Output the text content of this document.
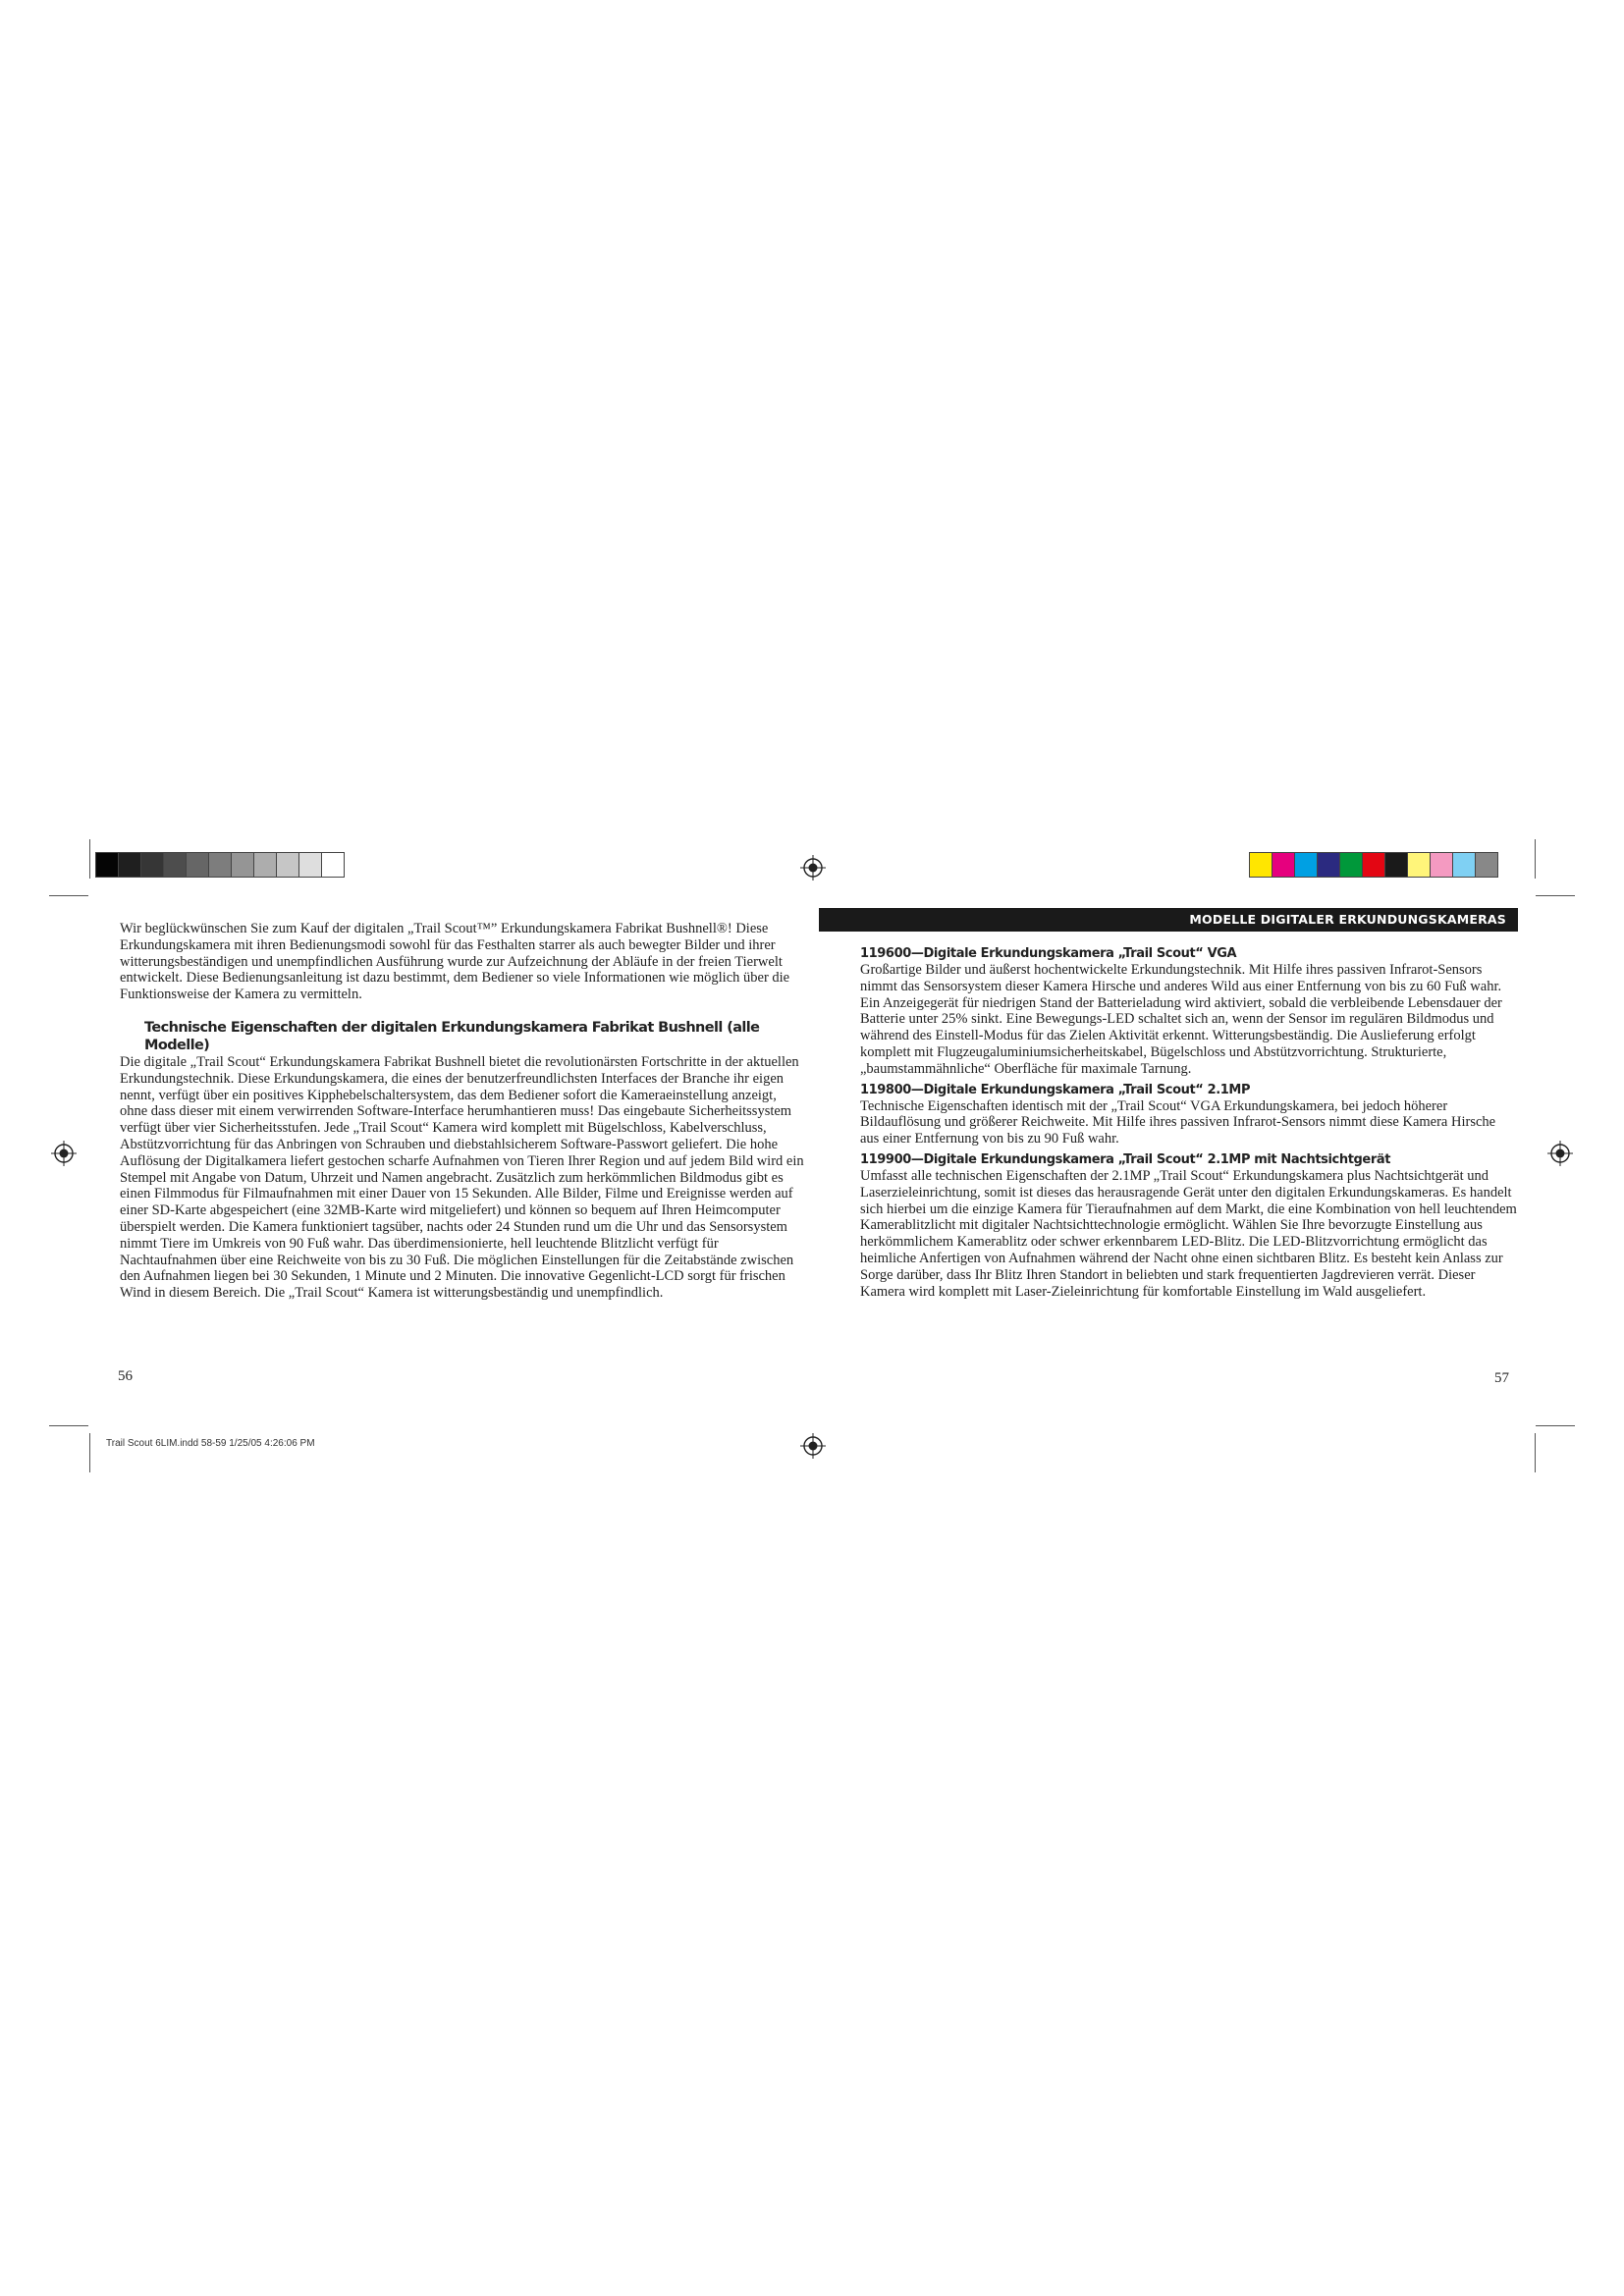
Wir beglückwünschen Sie zum Kauf der digitalen „Trail Scout™” Erkundungskamera Fabrikat Bushnell®! Diese Erkundungskamera mit ihren Bedienungsmodi sowohl für das Festhalten starrer als auch bewegter Bilder und ihrer witterungsbeständigen und unempfindlichen Ausführung wurde zur Aufzeichnung der Abläufe in der freien Tierwelt entwickelt. Diese Bedienungsanleitung ist dazu bestimmt, dem Bediener so viele Informationen wie möglich über die Funktionsweise der Kamera zu vermitteln.

Technische Eigenschaften der digitalen Erkundungskamera Fabrikat Bushnell (alle Modelle)

Die digitale „Trail Scout“ Erkundungskamera Fabrikat Bushnell bietet die revolutionärsten Fortschritte in der aktuellen Erkundungstechnik. Diese Erkundungskamera, die eines der benutzerfreundlichsten Interfaces der Branche ihr eigen nennt, verfügt über ein positives Kipphebelschaltersystem, das dem Bediener sofort die Kameraeinstellung anzeigt, ohne dass dieser mit einem verwirrenden Software-Interface herumhantieren muss! Das eingebaute Sicherheitssystem verfügt über vier Sicherheitsstufen. Jede „Trail Scout“ Kamera wird komplett mit Bügelschloss, Kabelverschluss, Abstützvorrichtung für das Anbringen von Schrauben und diebstahlsicherem Software-Passwort geliefert. Die hohe Auflösung der Digitalkamera liefert gestochen scharfe Aufnahmen von Tieren Ihrer Region und auf jedem Bild wird ein Stempel mit Angabe von Datum, Uhrzeit und Namen angebracht. Zusätzlich zum herkömmlichen Bildmodus gibt es einen Filmmodus für Filmaufnahmen mit einer Dauer von 15 Sekunden. Alle Bilder, Filme und Ereignisse werden auf einer SD-Karte abgespeichert (eine 32MB-Karte wird mitgeliefert) und können so bequem auf Ihren Heimcomputer überspielt werden. Die Kamera funktioniert tagsüber, nachts oder 24 Stunden rund um die Uhr und das Sensorsystem nimmt Tiere im Umkreis von 90 Fuß wahr. Das überdimensionierte, hell leuchtende Blitzlicht verfügt für Nachtaufnahmen über eine Reichweite von bis zu 30 Fuß. Die möglichen Einstellungen für die Zeitabstände zwischen den Aufnahmen liegen bei 30 Sekunden, 1 Minute und 2 Minuten. Die innovative Gegenlicht-LCD sorgt für frischen Wind in diesem Bereich. Die „Trail Scout“ Kamera ist witterungsbeständig und unempfindlich.

56
MODELLE DIGITALER ERKUNDUNGSKAMERAS
119600—Digitale Erkundungskamera „Trail Scout“ VGA

Großartige Bilder und äußerst hochentwickelte Erkundungstechnik. Mit Hilfe ihres passiven Infrarot-Sensors nimmt das Sensorsystem dieser Kamera Hirsche und anderes Wild aus einer Entfernung von bis zu 60 Fuß wahr. Ein Anzeigegerät für niedrigen Stand der Batterieladung wird aktiviert, sobald die verbleibende Lebensdauer der Batterie unter 25% sinkt. Eine Bewegungs-LED schaltet sich an, wenn der Sensor im regulären Bildmodus und während des Einstell-Modus für das Zielen Aktivität erkennt. Witterungsbeständig. Die Auslieferung erfolgt komplett mit Flugzeugaluminiumsicherheitskabel, Bügelschloss und Abstützvorrichtung. Strukturierte, „baumstammähnliche“ Oberfläche für maximale Tarnung.

119800—Digitale Erkundungskamera „Trail Scout“ 2.1MP

Technische Eigenschaften identisch mit der „Trail Scout“ VGA Erkundungskamera, bei jedoch höherer Bildauflösung und größerer Reichweite. Mit Hilfe ihres passiven Infrarot-Sensors nimmt diese Kamera Hirsche aus einer Entfernung von bis zu 90 Fuß wahr.

119900—Digitale Erkundungskamera „Trail Scout“ 2.1MP mit Nachtsichtgerät

Umfasst alle technischen Eigenschaften der 2.1MP „Trail Scout“ Erkundungskamera plus Nachtsichtgerät und Laserzieleinrichtung, somit ist dieses das herausragende Gerät unter den digitalen Erkundungskameras. Es handelt sich hierbei um die einzige Kamera für Tieraufnahmen auf dem Markt, die eine Kombination von hell leuchtendem Kamerablitzlicht mit digitaler Nachtsichttechnologie ermöglicht. Wählen Sie Ihre bevorzugte Einstellung aus herkömmlichem Kamerablitz oder schwer erkennbarem LED-Blitz. Die LED-Blitzvorrichtung ermöglicht das heimliche Anfertigen von Aufnahmen während der Nacht ohne einen sichtbaren Blitz. Es besteht kein Anlass zur Sorge darüber, dass Ihr Blitz Ihren Standort in beliebten und stark frequentierten Jagdrevieren verrät. Dieser Kamera wird komplett mit Laser-Zieleinrichtung für komfortable Einstellung im Wald ausgeliefert.

57
Trail Scout 6LIM.indd 58-59 1/25/05 4:26:06 PM
